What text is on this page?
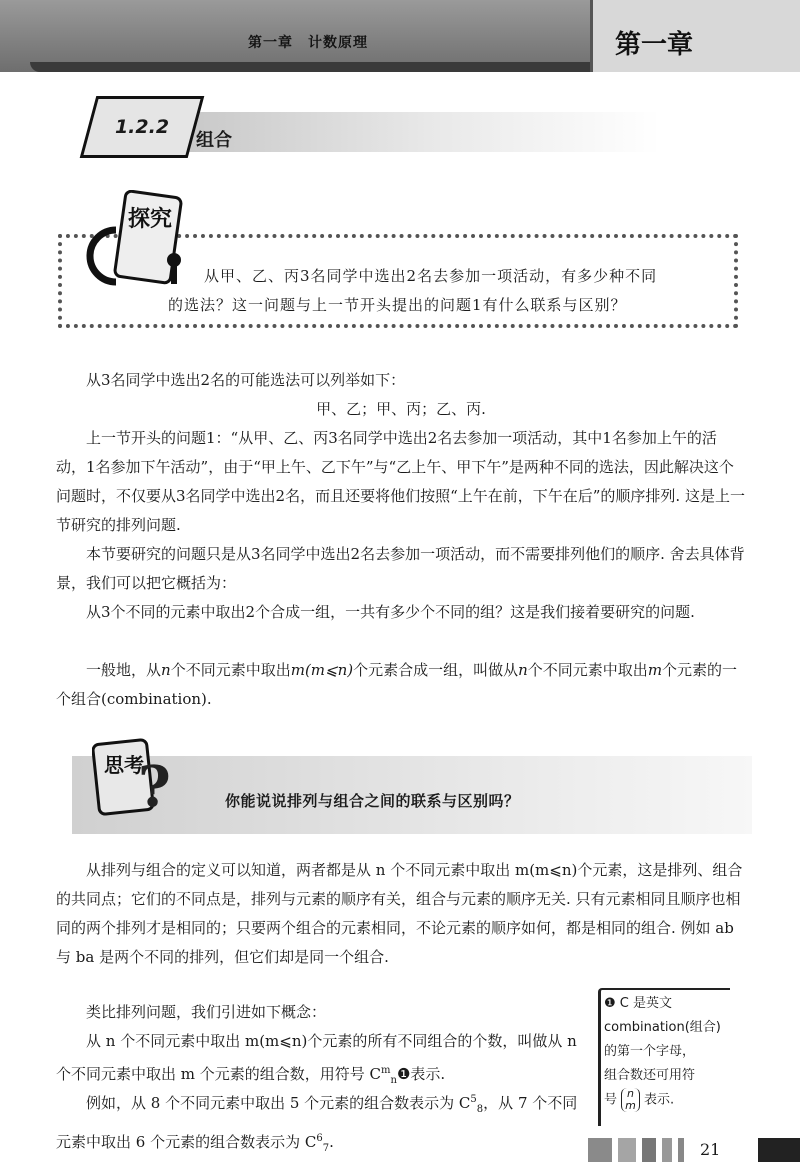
第一章　计数原理	第一章
1.2.2
组合
探究
从甲、乙、丙3名同学中选出2名去参加一项活动，有多少种不同
的选法？这一问题与上一节开头提出的问题1有什么联系与区别？
从3名同学中选出2名的可能选法可以列举如下：
甲、乙；甲、丙；乙、丙.
上一节开头的问题1：“从甲、乙、丙3名同学中选出2名去参加一项活动，其中1名参加上午的活动，1名参加下午活动”，由于“甲上午、乙下午”与“乙上午、甲下午”是两种不同的选法，因此解决这个问题时，不仅要从3名同学中选出2名，而且还要将他们按照“上午在前，下午在后”的顺序排列. 这是上一节研究的排列问题.
本节要研究的问题只是从3名同学中选出2名去参加一项活动，而不需要排列他们的顺序. 舍去具体背景，我们可以把它概括为：
从3个不同的元素中取出2个合成一组，一共有多少个不同的组？这是我们接着要研究的问题.
一般地，从n个不同元素中取出m(m⩽n)个元素合成一组，叫做从n个不同元素中取出m个元素的一个组合(combination).
思考
?	你能说说排列与组合之间的联系与区别吗？
从排列与组合的定义可以知道，两者都是从 n 个不同元素中取出 m(m⩽n)个元素，这是排列、组合的共同点；它们的不同点是，排列与元素的顺序有关，组合与元素的顺序无关. 只有元素相同且顺序也相同的两个排列才是相同的；只要两个组合的元素相同，不论元素的顺序如何，都是相同的组合. 例如 ab 与 ba 是两个不同的排列，但它们却是同一个组合.
类比排列问题，我们引进如下概念：
从 n 个不同元素中取出 m(m⩽n)个元素的所有不同组合的个数，叫做从 n 个不同元素中取出 m 个元素的组合数，用符号 $C^m_n❶$表示.
例如，从 8 个不同元素中取出 5 个元素的组合数表示为 $C^5_8$，从 7 个不同元素中取出 6 个元素的组合数表示为 $C^6_7$.
❶ C 是英文
combination(组合)
的第一个字母，
组合数还可用符
号 n
m 表示.
21
